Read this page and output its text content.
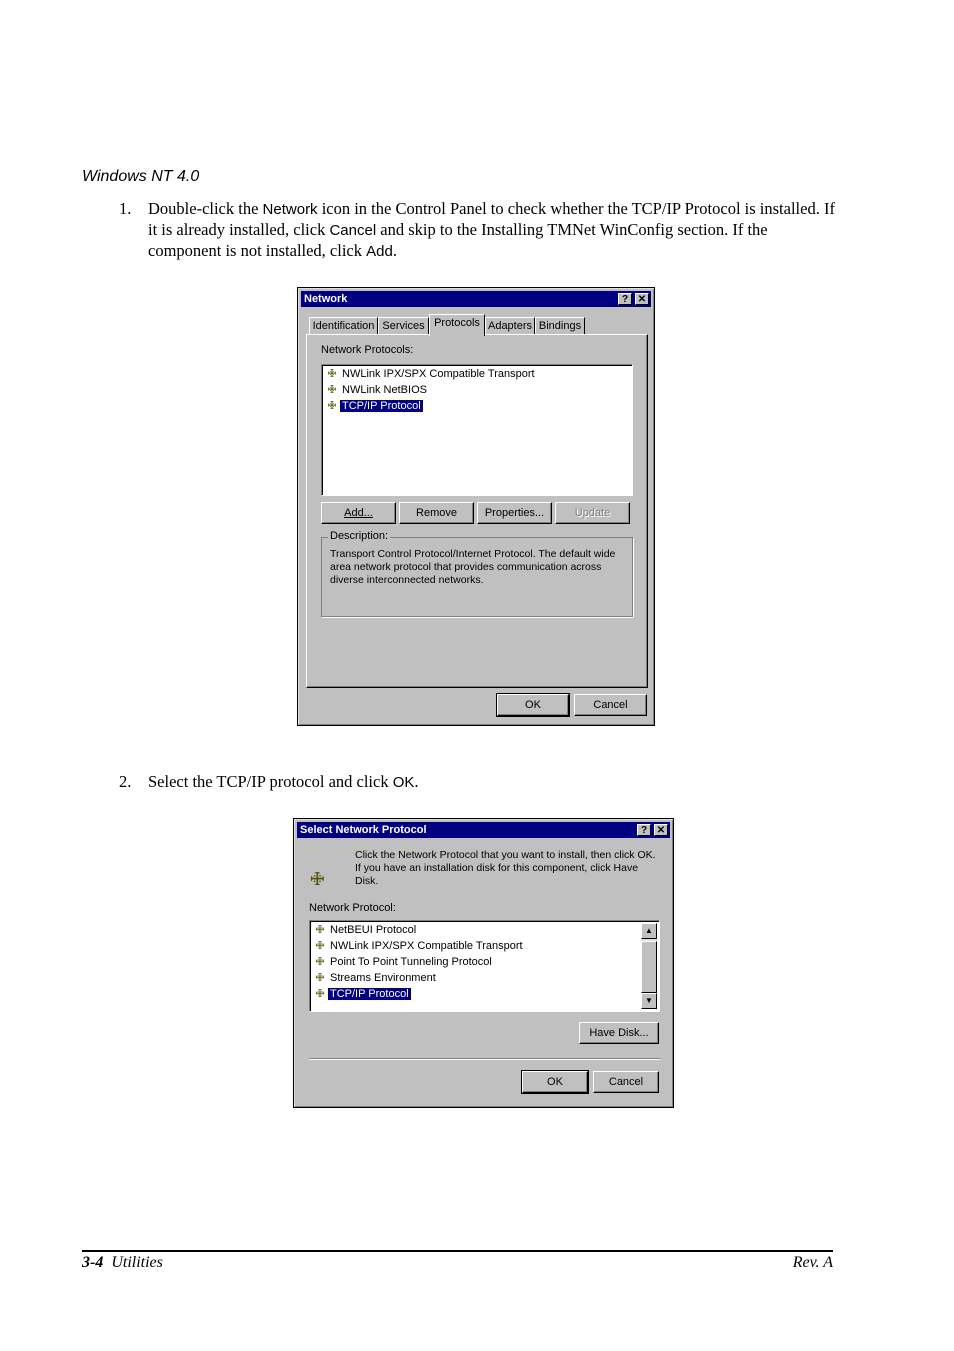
Windows NT 4.0
1. Double-click the Network icon in the Control Panel to check whether the TCP/IP Protocol is installed. If it is already installed, click Cancel and skip to the Installing TMNet WinConfig section. If the component is not installed, click Add.
Network	? ✕
Identification Services Protocols Adapters Bindings
Network Protocols:
🜋 NWLink IPX/SPX Compatible Transport
🜋 NWLink NetBIOS
🜋 TCP/IP Protocol
Add...	Remove	Properties...	Update
Description:
Transport Control Protocol/Internet Protocol. The default wide area network protocol that provides communication across diverse interconnected networks.
OK	Cancel
2. Select the TCP/IP protocol and click OK.
Select Network Protocol	? ✕
🜋
Click the Network Protocol that you want to install, then click OK. If you have an installation disk for this component, click Have Disk.
Network Protocol:
🜋 NetBEUI Protocol
🜋 NWLink IPX/SPX Compatible Transport
🜋 Point To Point Tunneling Protocol
🜋 Streams Environment
🜋 TCP/IP Protocol
▲
▼
Have Disk...
OK	Cancel
3-4 Utilities	Rev. A
